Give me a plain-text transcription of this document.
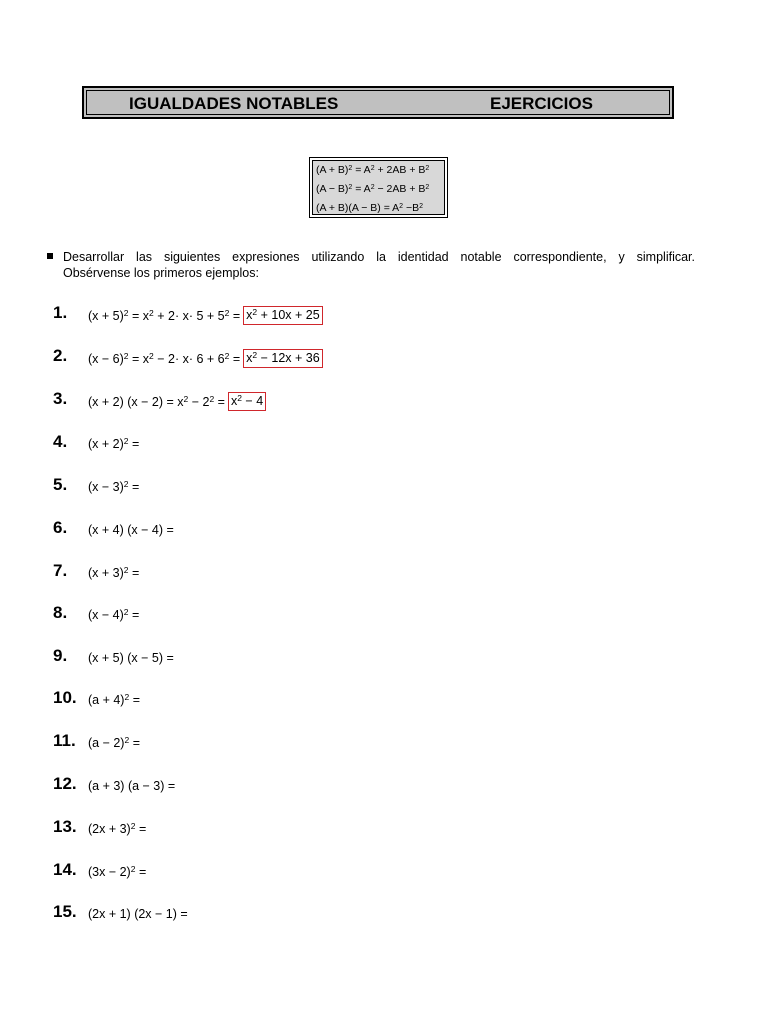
IGUALDADES NOTABLES	EJERCICIOS
$(A + B)^2 = A^2 + 2AB + B^2$
$(A - B)^2 = A^2 - 2AB + B^2$
$(A + B)(A - B) = A^2 -B^2$
Desarrollar las siguientes expresiones utilizando la identidad notable correspondiente, y simplificar.
Obsérvense los primeros ejemplos:
1. $(x + 5)^2 = x^2 + 2\cdot x\cdot 5 + 5^2 = x^2 + 10x + 25$
2. $(x - 6)^2 = x^2 - 2\cdot x\cdot 6 + 6^2 = x^2 - 12x + 36$
3. (x + 2) $(x - 2) = x^2 - 2^2 = x^2 - 4$
4. $(x + 2)^2$ =
5. $(x - 3)^2$ =
6. (x + 4) (x − 4) =
7. $(x + 3)^2$ =
8. $(x - 4)^2$ =
9. (x + 5) (x − 5) =
10. $(a + 4)^2$ =
11. $(a - 2)^2$ =
12. (a + 3) (a − 3) =
13. $(2x + 3)^2$ =
14. $(3x - 2)^2$ =
15. (2x + 1) (2x − 1) =
